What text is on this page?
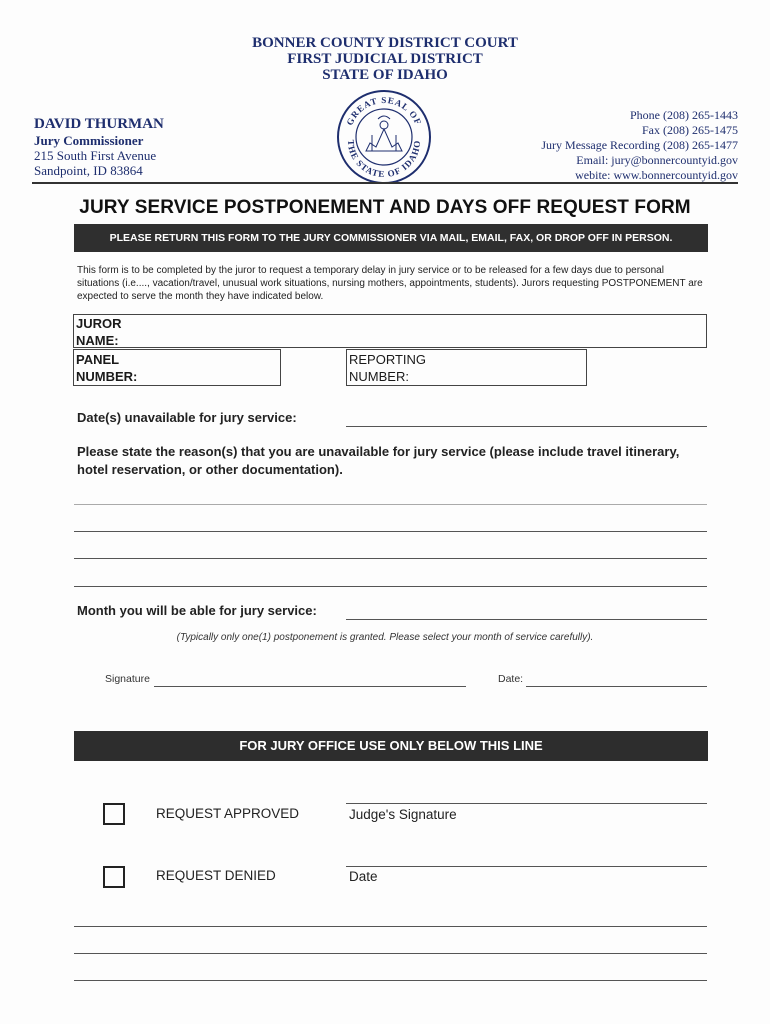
BONNER COUNTY DISTRICT COURT
FIRST JUDICIAL DISTRICT
STATE OF IDAHO
DAVID THURMAN
Jury Commissioner
215 South First Avenue
Sandpoint, ID 83864
GREAT SEAL OF
THE STATE OF IDAHO
Phone (208) 265-1443
Fax (208) 265-1475
Jury Message Recording (208) 265-1477
Email: jury@bonnercountyid.gov
webite: www.bonnercountyid.gov
JURY SERVICE POSTPONEMENT AND DAYS OFF REQUEST FORM
PLEASE RETURN THIS FORM TO THE JURY COMMISSIONER VIA MAIL, EMAIL, FAX, OR DROP OFF IN PERSON.
This form is to be completed by the juror to request a temporary delay in jury service or to be released for a few days due to personal situations (i.e...., vacation/travel, unusual work situations, nursing mothers, appointments, students). Jurors requesting POSTPONEMENT are expected to serve the month they have indicated below.
JUROR
NAME:
PANEL
NUMBER:
REPORTING
NUMBER:
Date(s) unavailable for jury service:
Please state the reason(s) that you are unavailable for jury service (please include travel itinerary, hotel reservation, or other documentation).
Month you will be able for jury service:
(Typically only one(1) postponement is granted. Please select your month of service carefully).
Signature	Date:
FOR JURY OFFICE USE ONLY BELOW THIS LINE
REQUEST APPROVED	Judge's Signature
REQUEST DENIED	Date
